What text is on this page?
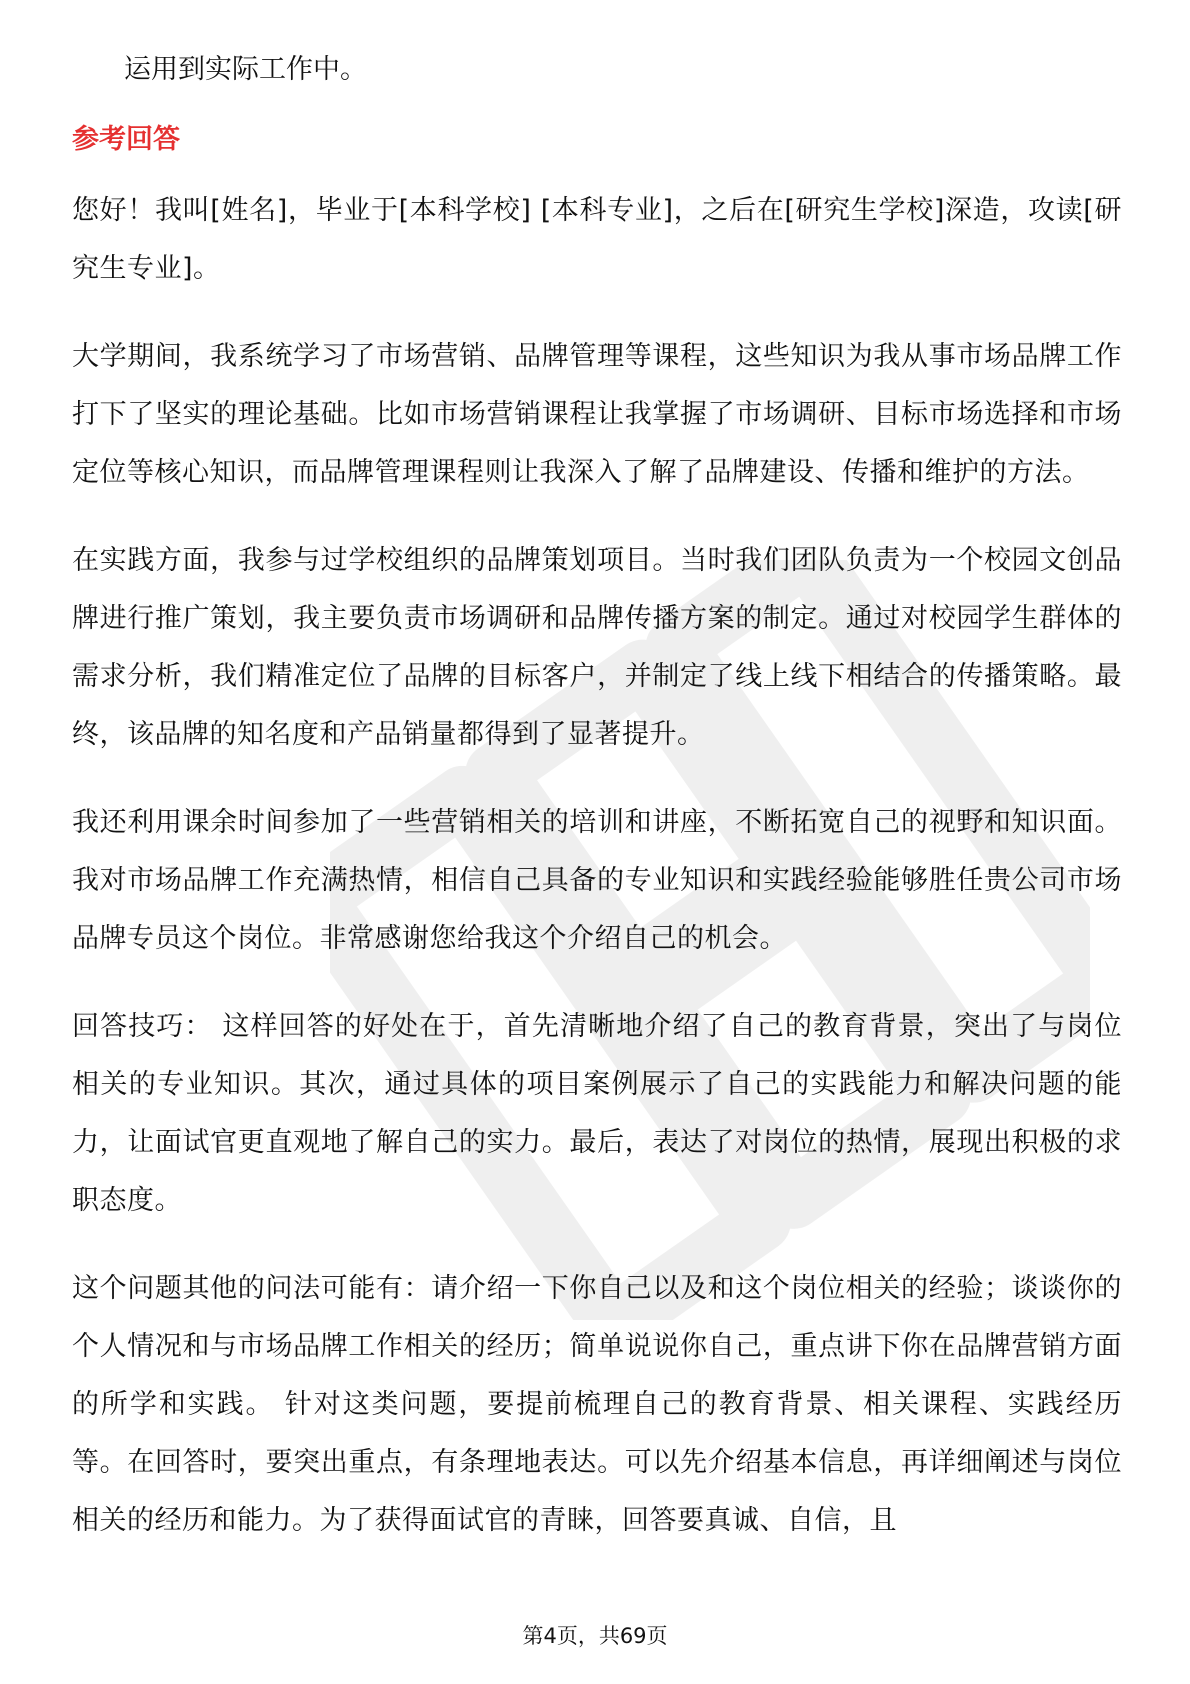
运用到实际工作中。

参考回答

您好！我叫[姓名]，毕业于[本科学校] [本科专业]，之后在[研究生学校]深造，攻读[研究生专业]。

大学期间，我系统学习了市场营销、品牌管理等课程，这些知识为我从事市场品牌工作打下了坚实的理论基础。比如市场营销课程让我掌握了市场调研、目标市场选择和市场定位等核心知识，而品牌管理课程则让我深入了解了品牌建设、传播和维护的方法。

在实践方面，我参与过学校组织的品牌策划项目。当时我们团队负责为一个校园文创品牌进行推广策划，我主要负责市场调研和品牌传播方案的制定。通过对校园学生群体的需求分析，我们精准定位了品牌的目标客户，并制定了线上线下相结合的传播策略。最终，该品牌的知名度和产品销量都得到了显著提升。

我还利用课余时间参加了一些营销相关的培训和讲座，不断拓宽自己的视野和知识面。我对市场品牌工作充满热情，相信自己具备的专业知识和实践经验能够胜任贵公司市场品牌专员这个岗位。非常感谢您给我这个介绍自己的机会。

回答技巧： 这样回答的好处在于，首先清晰地介绍了自己的教育背景，突出了与岗位相关的专业知识。其次，通过具体的项目案例展示了自己的实践能力和解决问题的能力，让面试官更直观地了解自己的实力。最后，表达了对岗位的热情，展现出积极的求职态度。

这个问题其他的问法可能有：请介绍一下你自己以及和这个岗位相关的经验；谈谈你的个人情况和与市场品牌工作相关的经历；简单说说你自己，重点讲下你在品牌营销方面的所学和实践。 针对这类问题，要提前梳理自己的教育背景、相关课程、实践经历等。在回答时，要突出重点，有条理地表达。可以先介绍基本信息，再详细阐述与岗位相关的经历和能力。为了获得面试官的青睐，回答要真诚、自信，且

第4页，共69页
